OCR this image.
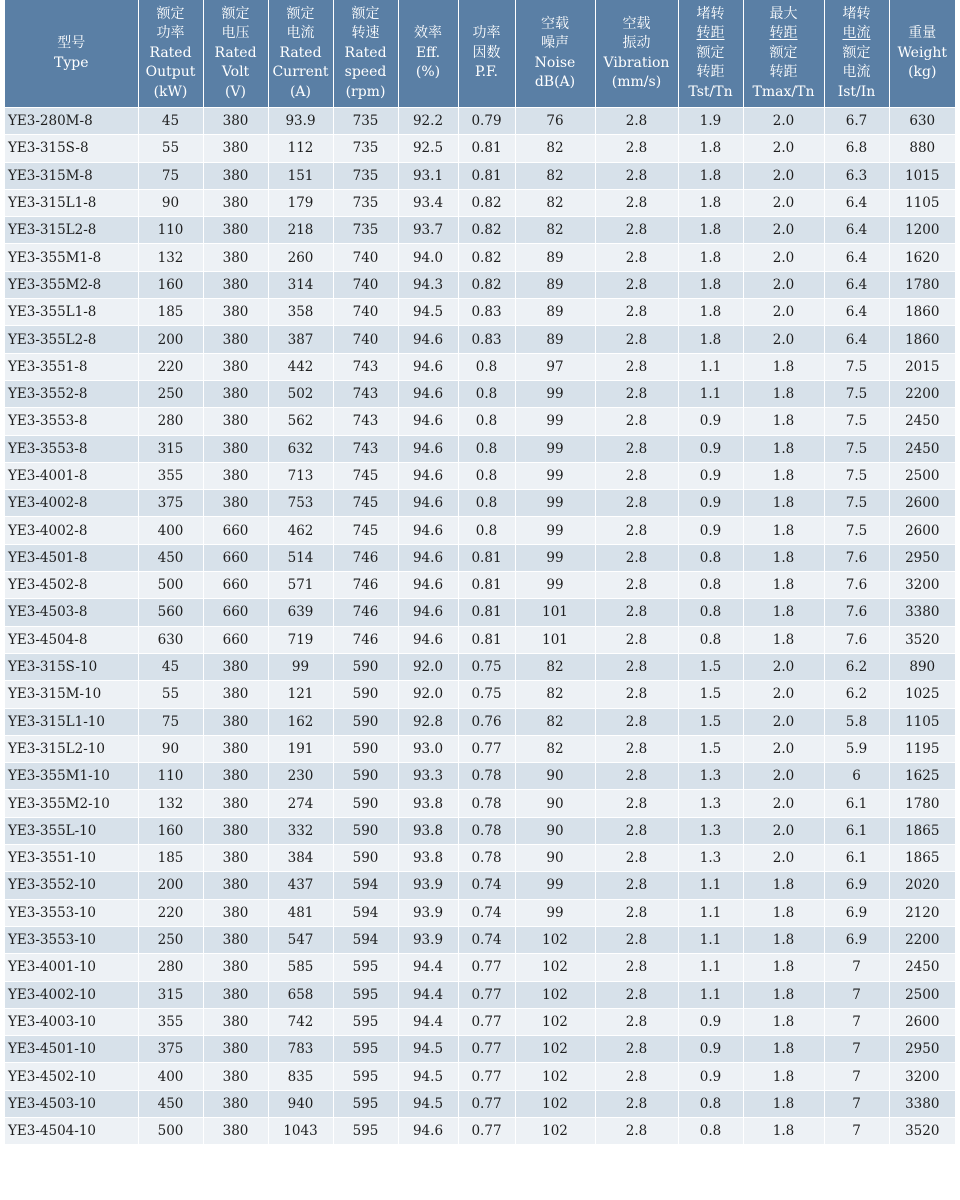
型号
Type	额定
功率
Rated
Output
(kW)	额定
电压
Rated
Volt
(V)	额定
电流
Rated
Current
(A)	额定
转速
Rated
speed
(rpm)	效率
Eff.
(%)	功率
因数
P.F.	空载
噪声
Noise
dB(A)	空载
振动
Vibration
(mm/s)	堵转
转距
额定
转距
Tst/Tn	最大
转距
额定
转距
Tmax/Tn	堵转
电流
额定
电流
Ist/In	重量
Weight
(kg)
YE3-280M-8	45	380	93.9	735	92.2	0.79	76	2.8	1.9	2.0	6.7	630
YE3-315S-8	55	380	112	735	92.5	0.81	82	2.8	1.8	2.0	6.8	880
YE3-315M-8	75	380	151	735	93.1	0.81	82	2.8	1.8	2.0	6.3	1015
YE3-315L1-8	90	380	179	735	93.4	0.82	82	2.8	1.8	2.0	6.4	1105
YE3-315L2-8	110	380	218	735	93.7	0.82	82	2.8	1.8	2.0	6.4	1200
YE3-355M1-8	132	380	260	740	94.0	0.82	89	2.8	1.8	2.0	6.4	1620
YE3-355M2-8	160	380	314	740	94.3	0.82	89	2.8	1.8	2.0	6.4	1780
YE3-355L1-8	185	380	358	740	94.5	0.83	89	2.8	1.8	2.0	6.4	1860
YE3-355L2-8	200	380	387	740	94.6	0.83	89	2.8	1.8	2.0	6.4	1860
YE3-3551-8	220	380	442	743	94.6	0.8	97	2.8	1.1	1.8	7.5	2015
YE3-3552-8	250	380	502	743	94.6	0.8	99	2.8	1.1	1.8	7.5	2200
YE3-3553-8	280	380	562	743	94.6	0.8	99	2.8	0.9	1.8	7.5	2450
YE3-3553-8	315	380	632	743	94.6	0.8	99	2.8	0.9	1.8	7.5	2450
YE3-4001-8	355	380	713	745	94.6	0.8	99	2.8	0.9	1.8	7.5	2500
YE3-4002-8	375	380	753	745	94.6	0.8	99	2.8	0.9	1.8	7.5	2600
YE3-4002-8	400	660	462	745	94.6	0.8	99	2.8	0.9	1.8	7.5	2600
YE3-4501-8	450	660	514	746	94.6	0.81	99	2.8	0.8	1.8	7.6	2950
YE3-4502-8	500	660	571	746	94.6	0.81	99	2.8	0.8	1.8	7.6	3200
YE3-4503-8	560	660	639	746	94.6	0.81	101	2.8	0.8	1.8	7.6	3380
YE3-4504-8	630	660	719	746	94.6	0.81	101	2.8	0.8	1.8	7.6	3520
YE3-315S-10	45	380	99	590	92.0	0.75	82	2.8	1.5	2.0	6.2	890
YE3-315M-10	55	380	121	590	92.0	0.75	82	2.8	1.5	2.0	6.2	1025
YE3-315L1-10	75	380	162	590	92.8	0.76	82	2.8	1.5	2.0	5.8	1105
YE3-315L2-10	90	380	191	590	93.0	0.77	82	2.8	1.5	2.0	5.9	1195
YE3-355M1-10	110	380	230	590	93.3	0.78	90	2.8	1.3	2.0	6	1625
YE3-355M2-10	132	380	274	590	93.8	0.78	90	2.8	1.3	2.0	6.1	1780
YE3-355L-10	160	380	332	590	93.8	0.78	90	2.8	1.3	2.0	6.1	1865
YE3-3551-10	185	380	384	590	93.8	0.78	90	2.8	1.3	2.0	6.1	1865
YE3-3552-10	200	380	437	594	93.9	0.74	99	2.8	1.1	1.8	6.9	2020
YE3-3553-10	220	380	481	594	93.9	0.74	99	2.8	1.1	1.8	6.9	2120
YE3-3553-10	250	380	547	594	93.9	0.74	102	2.8	1.1	1.8	6.9	2200
YE3-4001-10	280	380	585	595	94.4	0.77	102	2.8	1.1	1.8	7	2450
YE3-4002-10	315	380	658	595	94.4	0.77	102	2.8	1.1	1.8	7	2500
YE3-4003-10	355	380	742	595	94.4	0.77	102	2.8	0.9	1.8	7	2600
YE3-4501-10	375	380	783	595	94.5	0.77	102	2.8	0.9	1.8	7	2950
YE3-4502-10	400	380	835	595	94.5	0.77	102	2.8	0.9	1.8	7	3200
YE3-4503-10	450	380	940	595	94.5	0.77	102	2.8	0.8	1.8	7	3380
YE3-4504-10	500	380	1043	595	94.6	0.77	102	2.8	0.8	1.8	7	3520
